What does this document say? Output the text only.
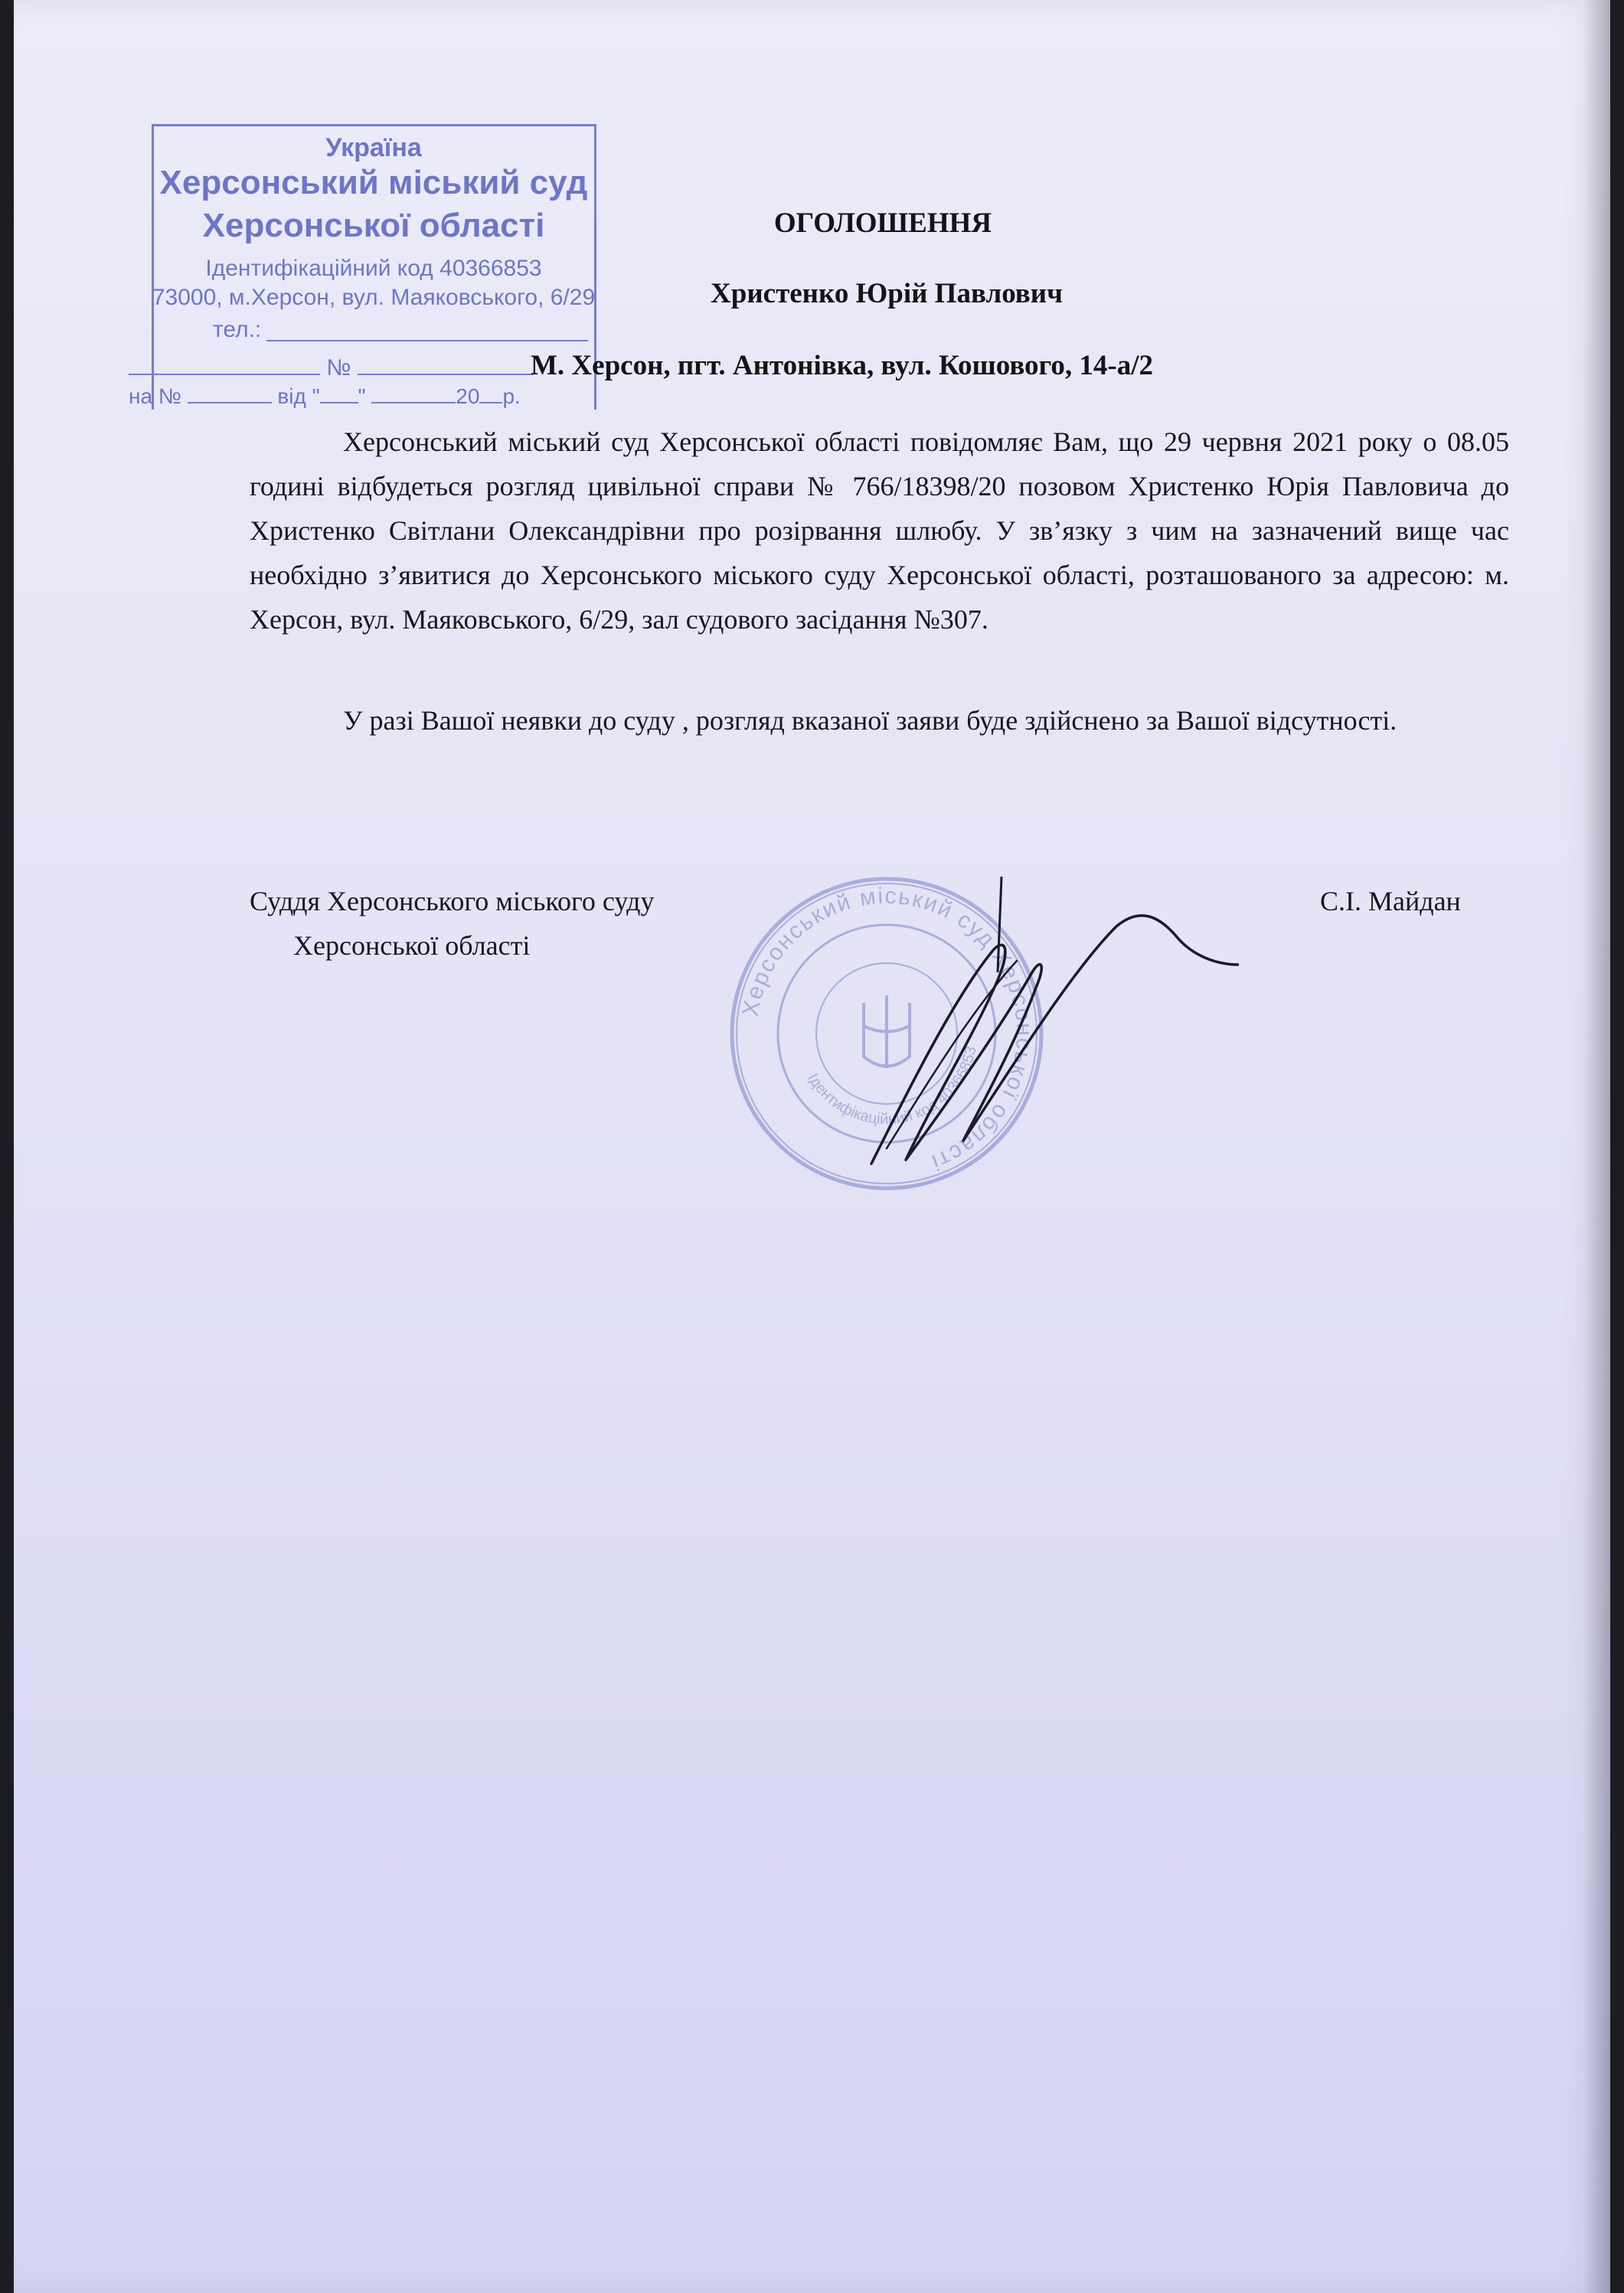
Україна
Херсонський міський суд
Херсонської області
Ідентифікаційний код 40366853
73000, м.Херсон, вул. Маяковського, 6/29
тел.:
№
на №	від " "	20 р.
ОГОЛОШЕННЯ
Христенко Юрій Павлович
М. Херсон, пгт. Антонівка, вул. Кошового, 14-а/2

Херсонський міський суд Херсонської області повідомляє Вам, що 29 червня 2021 року о 08.05 годині відбудеться розгляд цивільної справи № 766/18398/20 позовом Христенко Юрія Павловича до Христенко Світлани Олександрівни про розірвання шлюбу. У зв’язку з чим на зазначений вище час необхідно з’явитися до Херсонського міського суду Херсонської області, розташованого за адресою: м. Херсон, вул. Маяковського, 6/29, зал судового засідання №307.

У разі Вашої неявки до суду , розгляд вказаної заяви буде здійснено за Вашої відсутності.

Суддя Херсонського міського суду
Херсонської області
С.І. Майдан
Херсонський міський суд Херсонської області
Ідентифікаційний код 40366853
